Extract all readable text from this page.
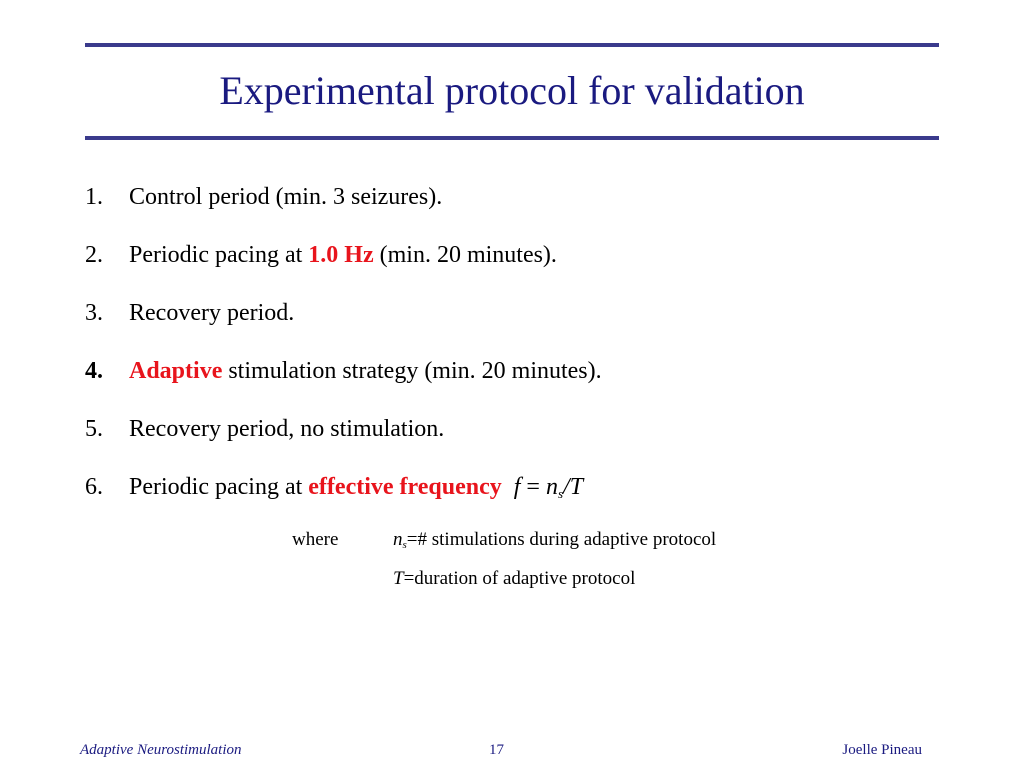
Experimental protocol for validation
1. Control period (min. 3 seizures).
2. Periodic pacing at 1.0 Hz (min. 20 minutes).
3. Recovery period.
4. Adaptive stimulation strategy (min. 20 minutes).
5. Recovery period, no stimulation.
6. Periodic pacing at effective frequency $f = n_s/T$
where	$n_s=\#$ stimulations during adaptive protocol
T=duration of adaptive protocol
Adaptive Neurostimulation	17	Joelle Pineau
